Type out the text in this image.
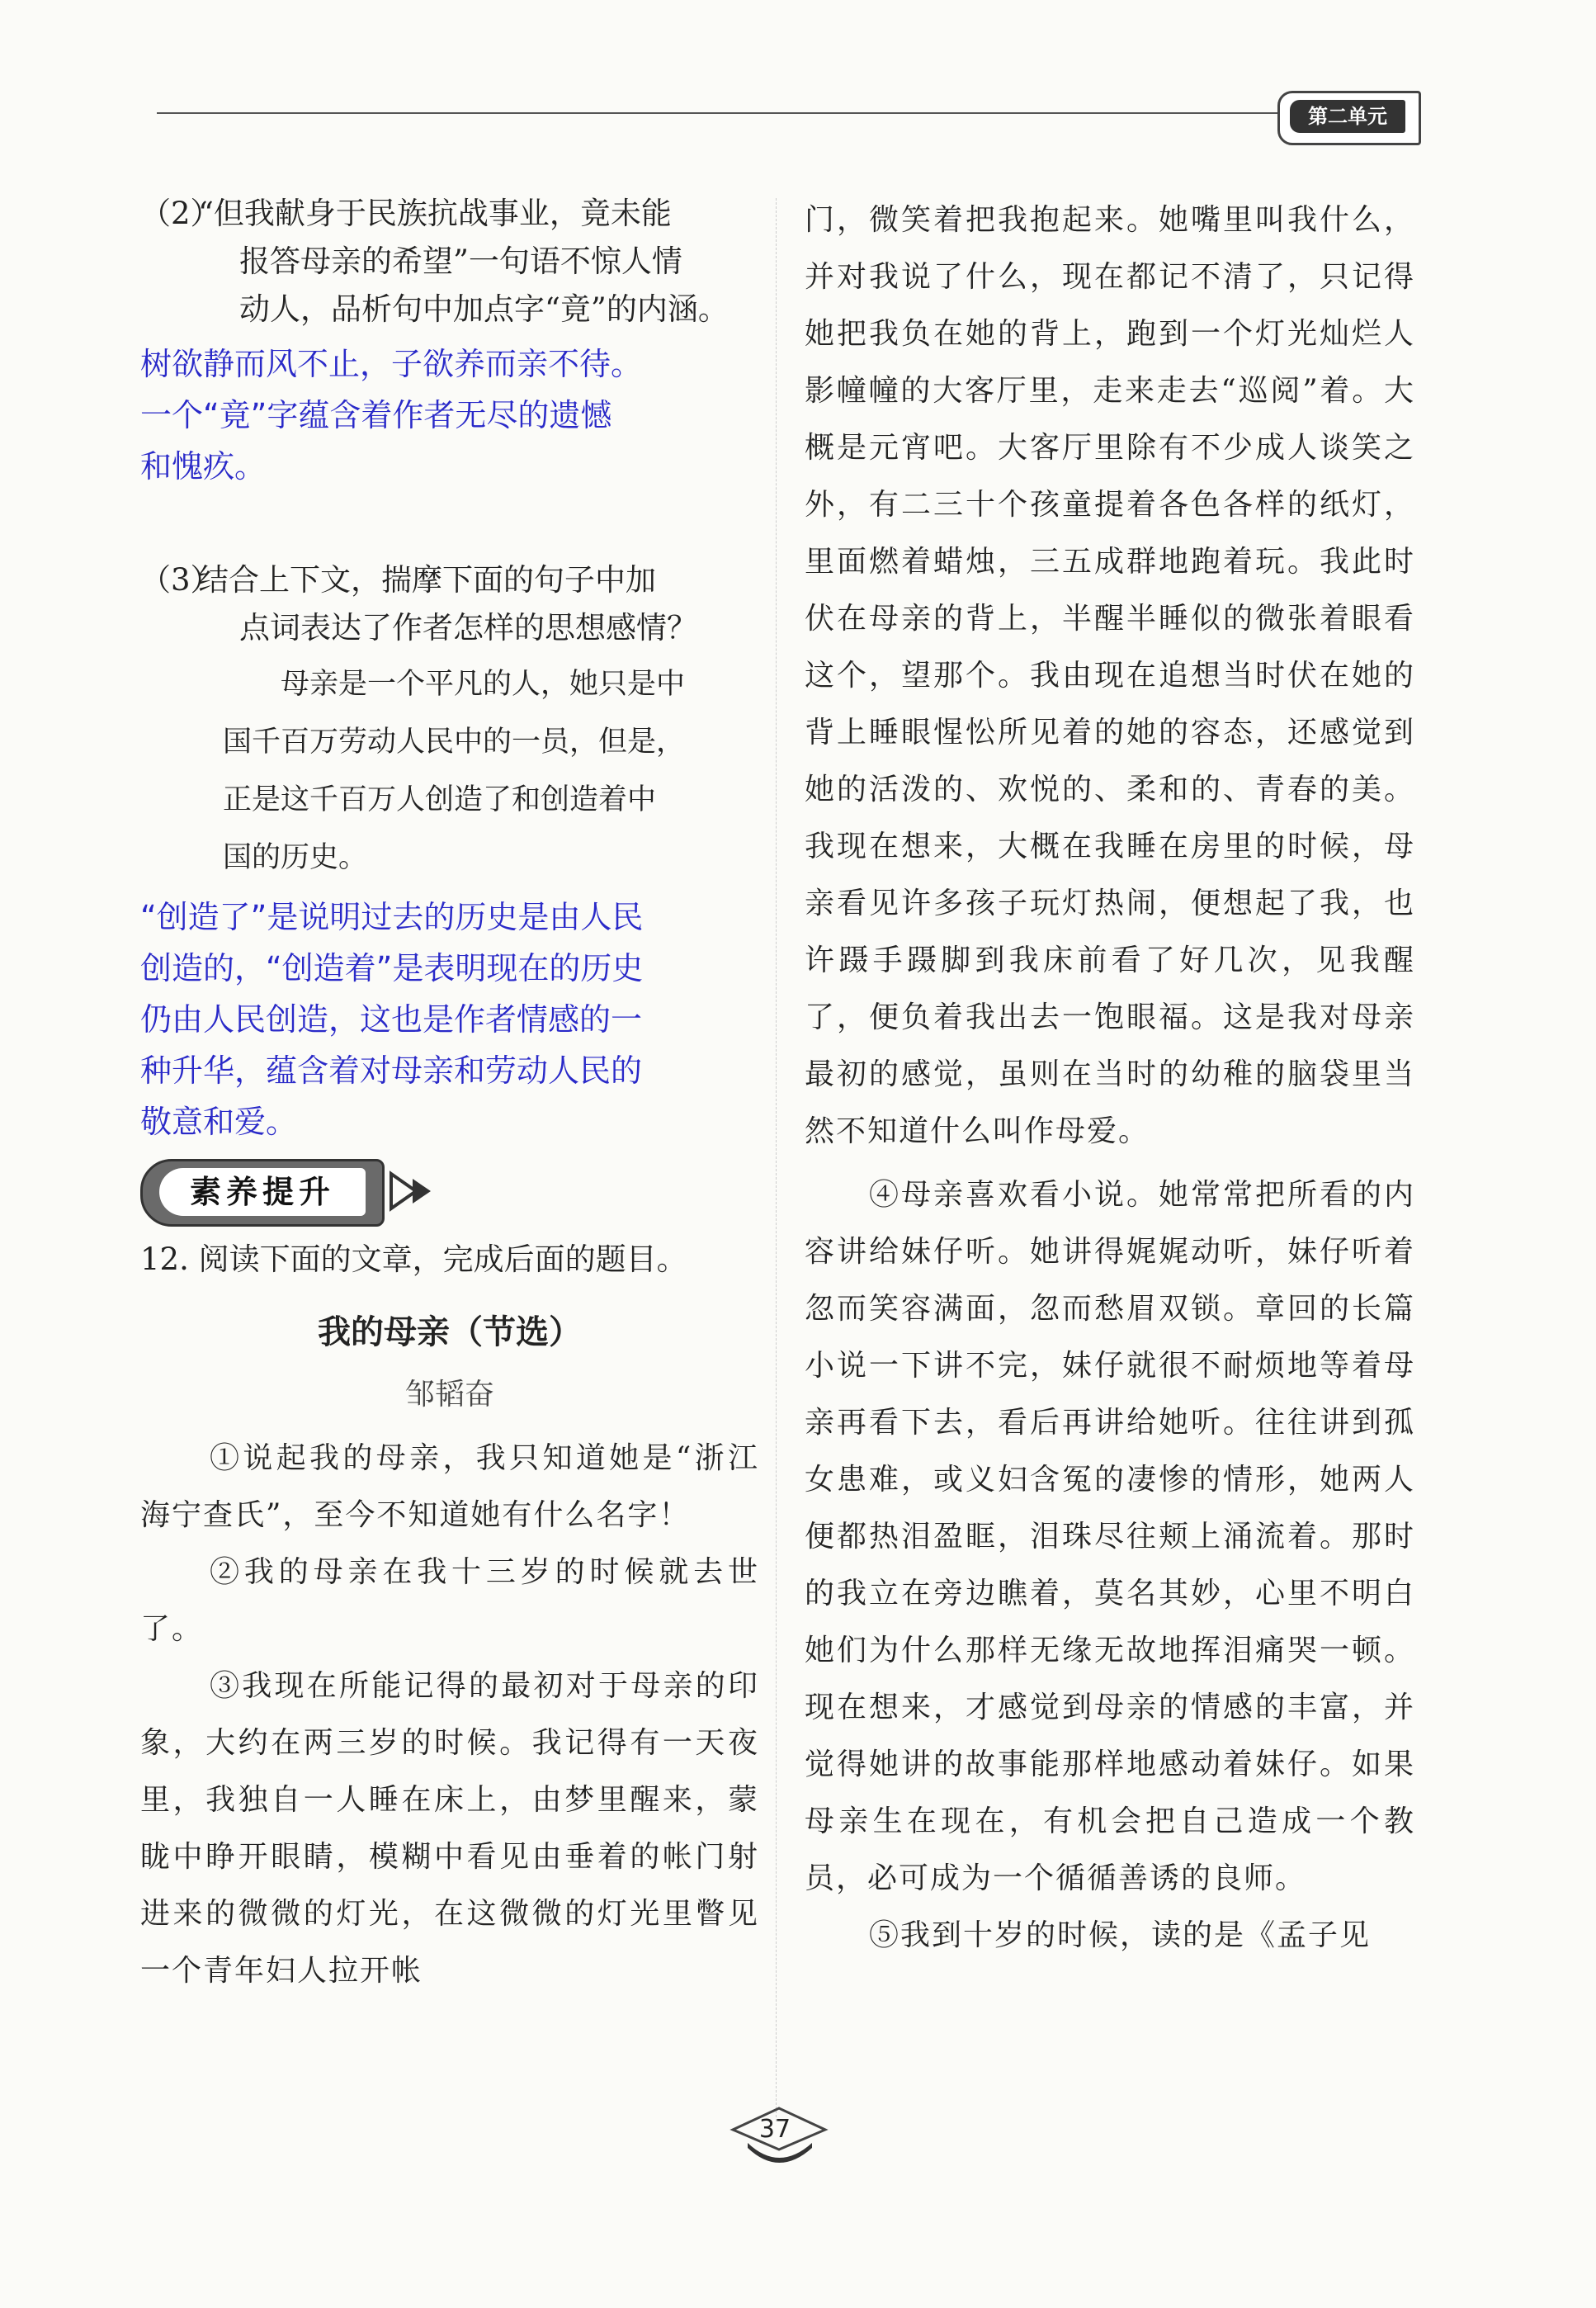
第二单元

（2）“但我献身于民族抗战事业，竟未能

报答母亲的希望”一句语不惊人情

动人，品析句中加点字“竟”的内涵。

树欲静而风不止，子欲养而亲不待。

一个“竟”字蕴含着作者无尽的遗憾

和愧疚。

（3）结合上下文，揣摩下面的句子中加

点词表达了作者怎样的思想感情？

母亲是一个平凡的人，她只是中

国千百万劳动人民中的一员，但是，

正是这千百万人创造了和创造着中

国的历史。

“创造了”是说明过去的历史是由人民

创造的，“创造着”是表明现在的历史

仍由人民创造，这也是作者情感的一

种升华，蕴含着对母亲和劳动人民的

敬意和爱。

素养提升

12. 阅读下面的文章，完成后面的题目。

我的母亲（节选）

邹韬奋

①说起我的母亲，我只知道她是“浙江海宁查氏”，至今不知道她有什么名字！

②我的母亲在我十三岁的时候就去世了。

③我现在所能记得的最初对于母亲的印象，大约在两三岁的时候。我记得有一天夜里，我独自一人睡在床上，由梦里醒来，蒙眬中睁开眼睛，模糊中看见由垂着的帐门射进来的微微的灯光，在这微微的灯光里瞥见一个青年妇人拉开帐

门，微笑着把我抱起来。她嘴里叫我什么，并对我说了什么，现在都记不清了，只记得她把我负在她的背上，跑到一个灯光灿烂人影幢幢的大客厅里，走来走去“巡阅”着。大概是元宵吧。大客厅里除有不少成人谈笑之外，有二三十个孩童提着各色各样的纸灯，里面燃着蜡烛，三五成群地跑着玩。我此时伏在母亲的背上，半醒半睡似的微张着眼看这个，望那个。我由现在追想当时伏在她的背上睡眼惺忪所见着的她的容态，还感觉到她的活泼的、欢悦的、柔和的、青春的美。我现在想来，大概在我睡在房里的时候，母亲看见许多孩子玩灯热闹，便想起了我，也许蹑手蹑脚到我床前看了好几次，见我醒了，便负着我出去一饱眼福。这是我对母亲最初的感觉，虽则在当时的幼稚的脑袋里当然不知道什么叫作母爱。

④母亲喜欢看小说。她常常把所看的内容讲给妹仔听。她讲得娓娓动听，妹仔听着忽而笑容满面，忽而愁眉双锁。章回的长篇小说一下讲不完，妹仔就很不耐烦地等着母亲再看下去，看后再讲给她听。往往讲到孤女患难，或义妇含冤的凄惨的情形，她两人便都热泪盈眶，泪珠尽往颊上涌流着。那时的我立在旁边瞧着，莫名其妙，心里不明白她们为什么那样无缘无故地挥泪痛哭一顿。现在想来，才感觉到母亲的情感的丰富，并觉得她讲的故事能那样地感动着妹仔。如果母亲生在现在，有机会把自己造成一个教员，必可成为一个循循善诱的良师。

⑤我到十岁的时候，读的是《孟子见

37
